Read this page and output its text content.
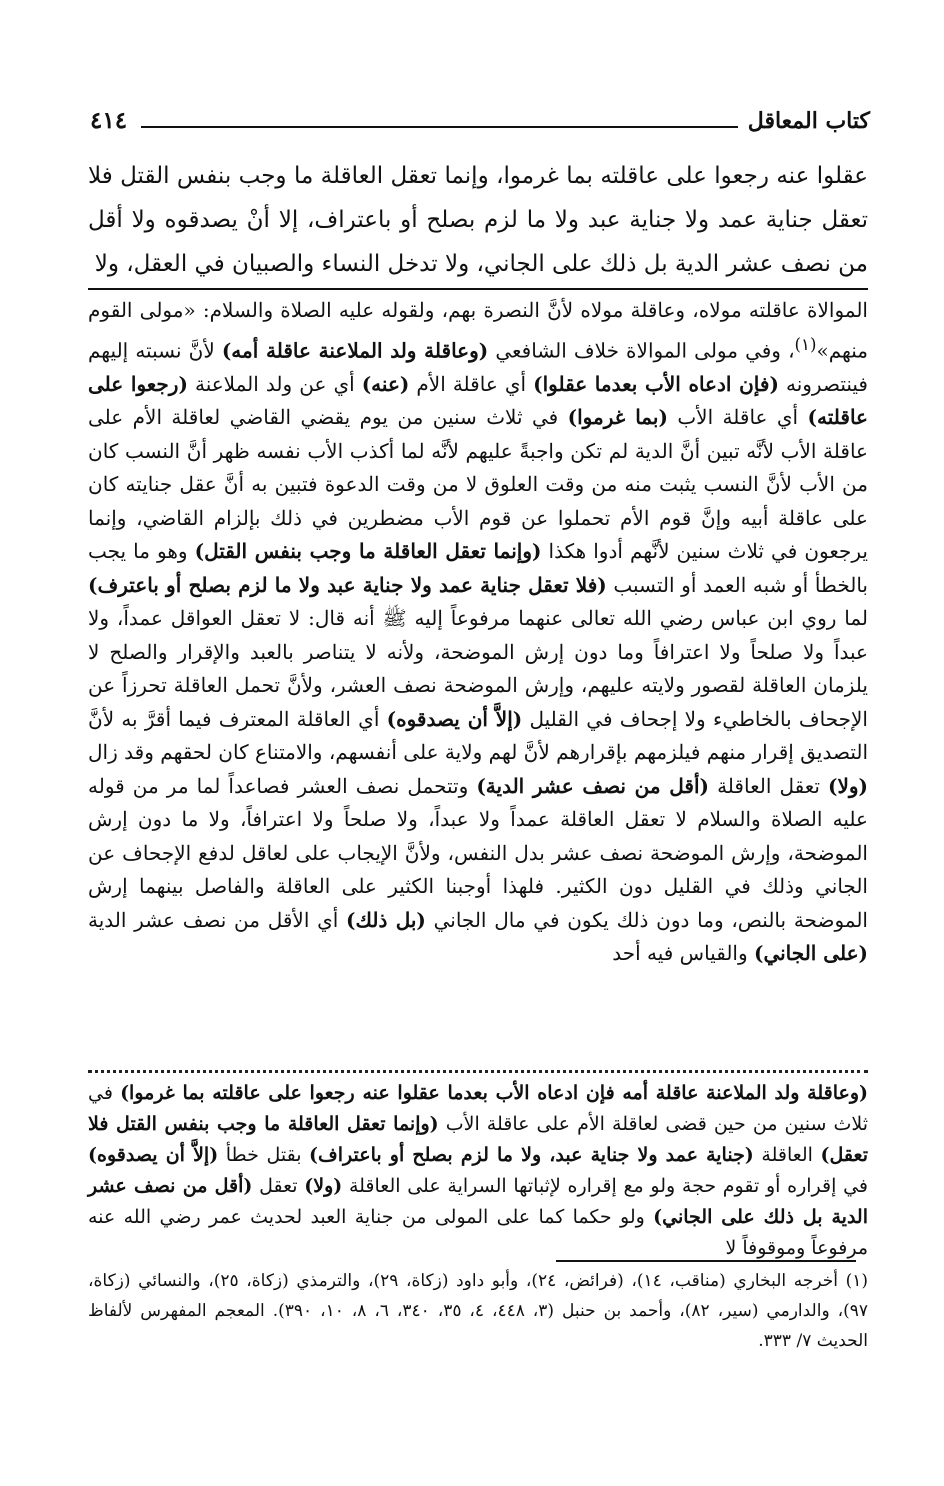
٤١٤	كتاب المعاقل

عقلوا عنه رجعوا على عاقلته بما غرموا، وإنما تعقل العاقلة ما وجب بنفس القتل فلا تعقل جناية عمد ولا جناية عبد ولا ما لزم بصلح أو باعتراف، إلا أنْ يصدقوه ولا أقل من نصف عشر الدية بل ذلك على الجاني، ولا تدخل النساء والصبيان في العقل، ولا

الموالاة عاقلته مولاه، وعاقلة مولاه لأنَّ النصرة بهم، ولقوله عليه الصلاة والسلام: «مولى القوم منهم»$^{(١)}$، وفي مولى الموالاة خلاف الشافعي (وعاقلة ولد الملاعنة عاقلة أمه) لأنَّ نسبته إليهم فينتصرونه (فإن ادعاه الأب بعدما عقلوا) أي عاقلة الأم (عنه) أي عن ولد الملاعنة (رجعوا على عاقلته) أي عاقلة الأب (بما غرموا) في ثلاث سنين من يوم يقضي القاضي لعاقلة الأم على عاقلة الأب لأنَّه تبين أنَّ الدية لم تكن واجبةً عليهم لأنَّه لما أكذب الأب نفسه ظهر أنَّ النسب كان من الأب لأنَّ النسب يثبت منه من وقت العلوق لا من وقت الدعوة فتبين به أنَّ عقل جنايته كان على عاقلة أبيه وإنَّ قوم الأم تحملوا عن قوم الأب مضطرين في ذلك بإلزام القاضي، وإنما يرجعون في ثلاث سنين لأنَّهم أدوا هكذا (وإنما تعقل العاقلة ما وجب بنفس القتل) وهو ما يجب بالخطأ أو شبه العمد أو التسبب (فلا تعقل جناية عمد ولا جناية عبد ولا ما لزم بصلح أو باعترف) لما روي ابن عباس رضي الله تعالى عنهما مرفوعاً إليه ﷺ أنه قال: لا تعقل العواقل عمداً، ولا عبداً ولا صلحاً ولا اعترافاً وما دون إرش الموضحة، ولأنه لا يتناصر بالعبد والإقرار والصلح لا يلزمان العاقلة لقصور ولايته عليهم، وإرش الموضحة نصف العشر، ولأنَّ تحمل العاقلة تحرزاً عن الإجحاف بالخاطيء ولا إجحاف في القليل (إلاَّ أن يصدقوه) أي العاقلة المعترف فيما أقرَّ به لأنَّ التصديق إقرار منهم فيلزمهم بإقرارهم لأنَّ لهم ولاية على أنفسهم، والامتناع كان لحقهم وقد زال (ولا) تعقل العاقلة (أقل من نصف عشر الدية) وتتحمل نصف العشر فصاعداً لما مر من قوله عليه الصلاة والسلام لا تعقل العاقلة عمداً ولا عبداً، ولا صلحاً ولا اعترافاً، ولا ما دون إرش الموضحة، وإرش الموضحة نصف عشر بدل النفس، ولأنَّ الإيجاب على لعاقل لدفع الإجحاف عن الجاني وذلك في القليل دون الكثير. فلهذا أوجبنا الكثير على العاقلة والفاصل بينهما إرش الموضحة بالنص، وما دون ذلك يكون في مال الجاني (بل ذلك) أي الأقل من نصف عشر الدية (على الجاني) والقياس فيه أحد

(وعاقلة ولد الملاعنة عاقلة أمه فإن ادعاه الأب بعدما عقلوا عنه رجعوا على عاقلته بما غرموا) في ثلاث سنين من حين قضى لعاقلة الأم على عاقلة الأب (وإنما تعقل العاقلة ما وجب بنفس القتل فلا تعقل) العاقلة (جناية عمد ولا جناية عبد، ولا ما لزم بصلح أو باعتراف) بقتل خطأ (إلاَّ أن يصدقوه) في إقراره أو تقوم حجة ولو مع إقراره لإثباتها السراية على العاقلة (ولا) تعقل (أقل من نصف عشر الدية بل ذلك على الجاني) ولو حكما كما على المولى من جناية العبد لحديث عمر رضي الله عنه مرفوعاً وموقوفاً لا

(١) أخرجه البخاري (مناقب، ١٤)، (فرائض، ٢٤)، وأبو داود (زكاة، ٢٩)، والترمذي (زكاة، ٢٥)، والنسائي (زكاة، ٩٧)، والدارمي (سير، ٨٢)، وأحمد بن حنبل (٣، ٤٤٨، ٤، ٣٥، ٣٤٠، ٦، ٨، ١٠، ٣٩٠). المعجم المفهرس لألفاظ الحديث ٧/ ٣٣٣.
